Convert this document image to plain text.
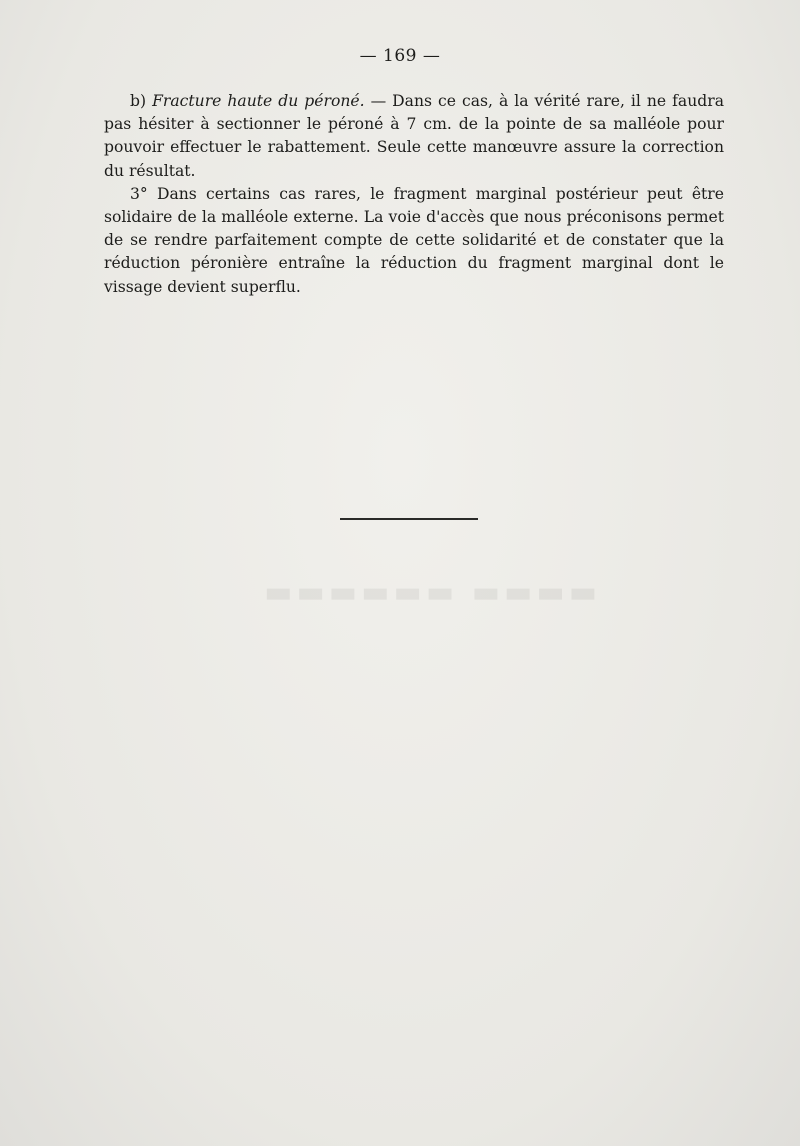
▬▬▬▬ ▬▬▬▬▬▬
— 169 —

b) Fracture haute du péroné. — Dans ce cas, à la vérité rare, il ne faudra pas hésiter à sectionner le péroné à 7 cm. de la pointe de sa malléole pour pouvoir effectuer le rabattement. Seule cette manœuvre assure la correction du résultat.

3° Dans certains cas rares, le fragment marginal postérieur peut être solidaire de la malléole externe. La voie d'accès que nous préconisons permet de se rendre parfaitement compte de cette solidarité et de constater que la réduction péronière entraîne la réduction du fragment marginal dont le vissage devient superflu.
